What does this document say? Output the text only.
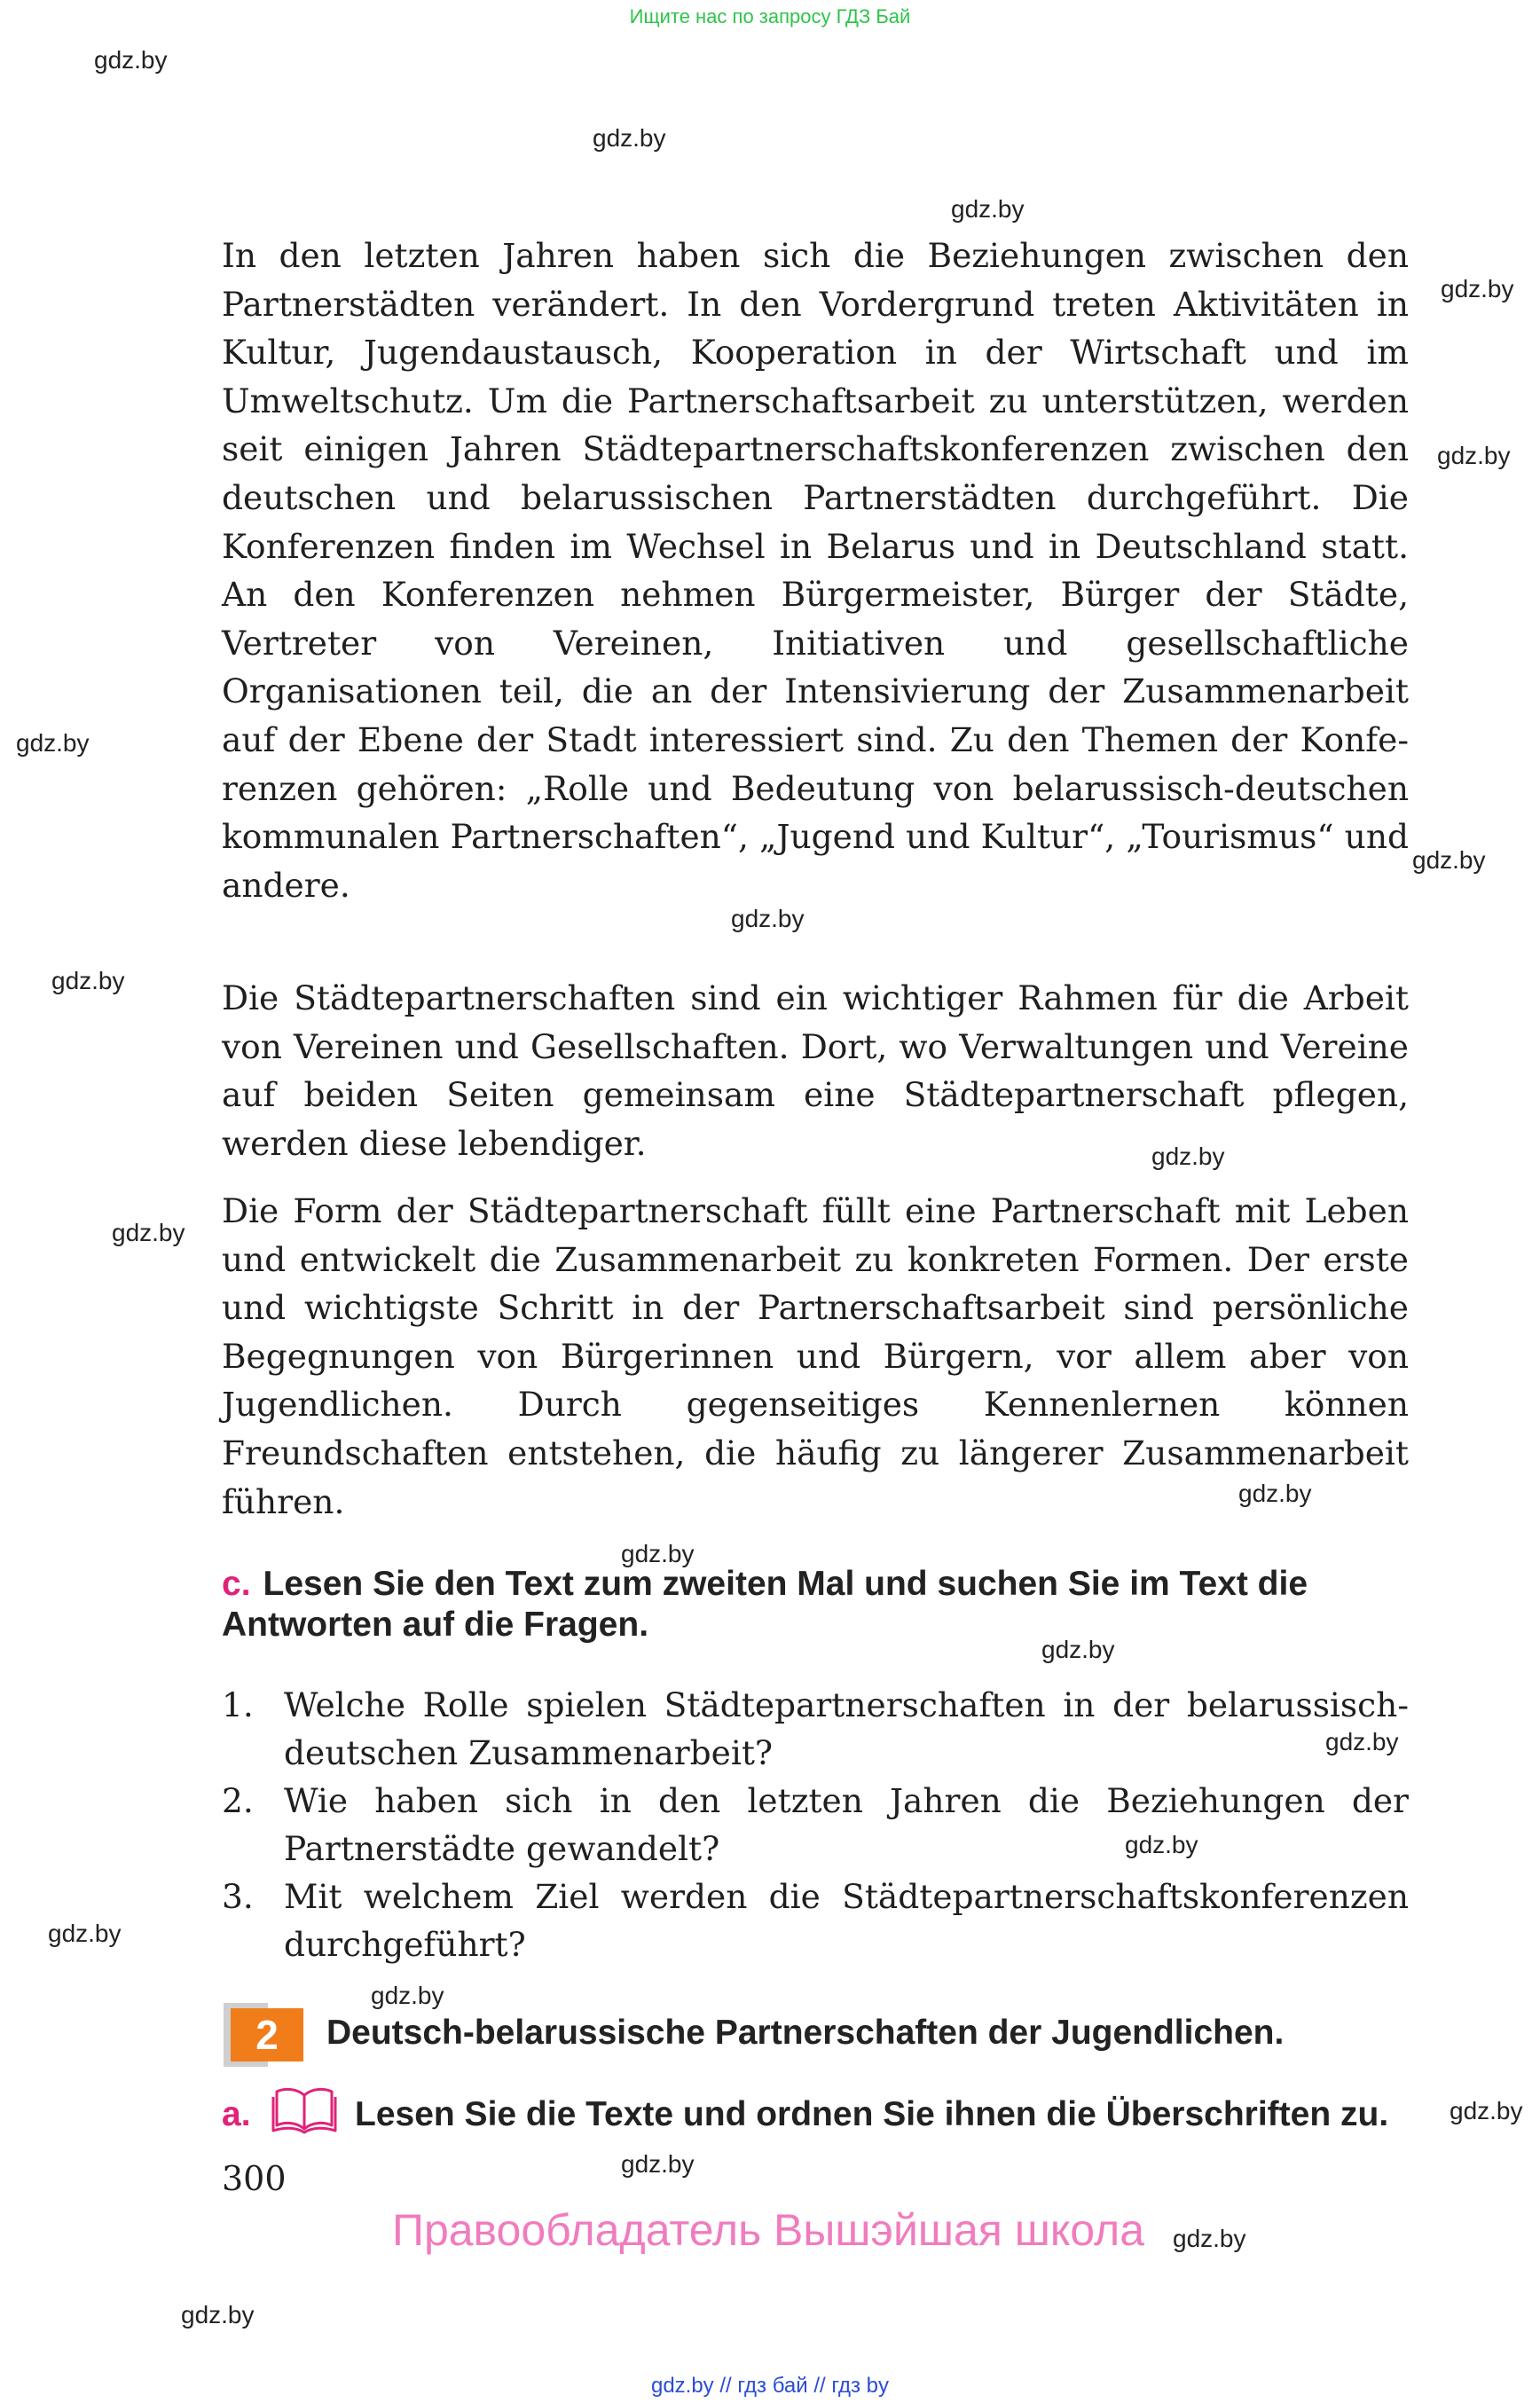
Ищите нас по запросу ГДЗ Бай
gdz.by
gdz.by
gdz.by
gdz.by
gdz.by
gdz.by
gdz.by
gdz.by
gdz.by
gdz.by
gdz.by
gdz.by
gdz.by
gdz.by
gdz.by
gdz.by
gdz.by
gdz.by
gdz.by
gdz.by
gdz.by
gdz.by

In den letzten Jahren haben sich die Beziehungen zwischen den Partnerstädten verändert. In den Vordergrund treten Aktivitäten in Kultur, Jugendaustausch, Kooperation in der Wirtschaft und im Umweltschutz. Um die Partnerschaftsarbeit zu unterstützen, werden seit einigen Jahren Städtepartnerschaftskonferenzen zwischen den deutschen und belarussischen Partnerstädten durchgeführt. Die Konferenzen finden im Wechsel in Belarus und in Deutschland statt. An den Konferenzen nehmen Bürgermeister, Bürger der Städte, Vertreter von Vereinen, Initiativen und gesellschaftliche Organisationen teil, die an der Intensivierung der Zusammenarbeit auf der Ebene der Stadt interessiert sind. Zu den Themen der Konferenzen gehören: „Rolle und Bedeutung von belarussisch-deutschen kommunalen Partnerschaften“, „Jugend und Kultur“, „Tourismus“ und andere.

Die Städtepartnerschaften sind ein wichtiger Rahmen für die Arbeit von Vereinen und Gesellschaften. Dort, wo Verwaltungen und Vereine auf beiden Seiten gemeinsam eine Städtepartnerschaft pflegen, werden diese lebendiger.

Die Form der Städtepartnerschaft füllt eine Partnerschaft mit Leben und entwickelt die Zusammenarbeit zu konkreten Formen. Der erste und wichtigste Schritt in der Partnerschaftsarbeit sind persönliche Begegnungen von Bürgerinnen und Bürgern, vor allem aber von Jugendlichen. Durch gegenseitiges Kennenlernen können Freundschaften entstehen, die häufig zu längerer Zusammenarbeit führen.

c. Lesen Sie den Text zum zweiten Mal und suchen Sie im Text die Antworten auf die Fragen.

1. Welche Rolle spielen Städtepartnerschaften in der belarussisch-deutschen Zusammenarbeit?
2. Wie haben sich in den letzten Jahren die Beziehungen der Partnerstädte gewandelt?
3. Mit welchem Ziel werden die Städtepartnerschaftskonferenzen durchgeführt?
2	Deutsch-belarussische Partnerschaften der Jugendlichen.
a.	Lesen Sie die Texte und ordnen Sie ihnen die Überschriften zu.
300
Правообладатель Вышэйшая школа
gdz.by // гдз бай // гдз by
